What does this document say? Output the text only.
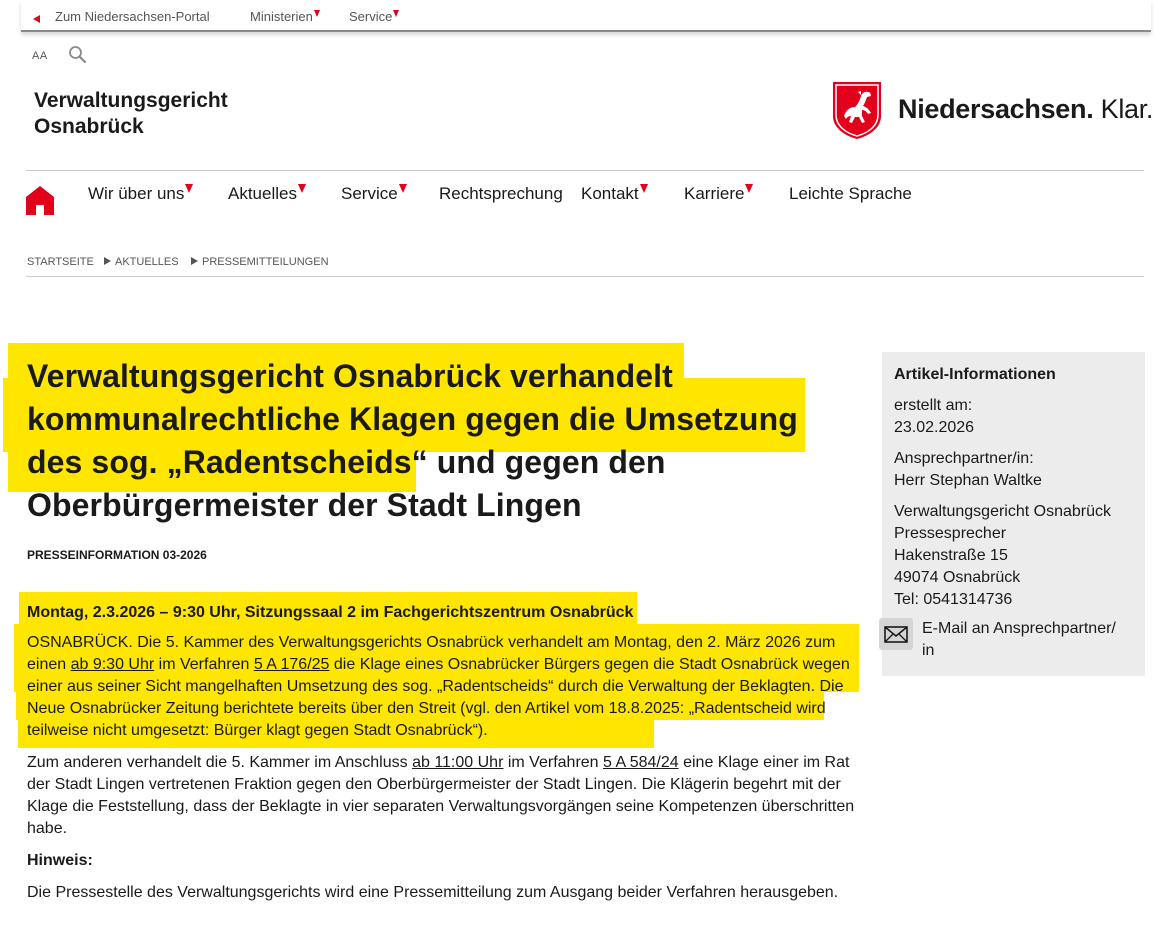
Zum Niedersachsen-Portal	Ministerien	Service
AA
Verwaltungsgericht
Osnabrück
Niedersachsen. Klar.
Wir über uns	Aktuelles	Service	Rechtsprechung Kontakt	Karriere	Leichte Sprache
STARTSEITE	AKTUELLES	PRESSEMITTEILUNGEN
Verwaltungsgericht Osnabrück verhandelt
kommunalrechtliche Klagen gegen die Umsetzung
des sog. „Radentscheids“ und gegen den
Oberbürgermeister der Stadt Lingen
PRESSEINFORMATION 03-2026

Montag, 2.3.2026 – 9:30 Uhr, Sitzungssaal 2 im Fachgerichtszentrum Osnabrück

OSNABRÜCK. Die 5. Kammer des Verwaltungsgerichts Osnabrück verhandelt am Montag, den 2. März 2026 zum einen ab 9:30 Uhr im Verfahren 5 A 176/25 die Klage eines Osnabrücker Bürgers gegen die Stadt Osnabrück wegen einer aus seiner Sicht mangelhaften Umsetzung des sog. „Radentscheids“ durch die Verwaltung der Beklagten. Die Neue Osnabrücker Zeitung berichtete bereits über den Streit (vgl. den Artikel vom 18.8.2025: „Radentscheid wird teilweise nicht umgesetzt: Bürger klagt gegen Stadt Osnabrück“).

Zum anderen verhandelt die 5. Kammer im Anschluss ab 11:00 Uhr im Verfahren 5 A 584/24 eine Klage einer im Rat der Stadt Lingen vertretenen Fraktion gegen den Oberbürgermeister der Stadt Lingen. Die Klägerin begehrt mit der Klage die Feststellung, dass der Beklagte in vier separaten Verwaltungsvorgängen seine Kompetenzen überschritten habe.

Hinweis:

Die Pressestelle des Verwaltungsgerichts wird eine Pressemitteilung zum Ausgang beider Verfahren herausgeben.

Artikel-Informationen
erstellt am:
23.02.2026
Ansprechpartner/in:
Herr Stephan Waltke
Verwaltungsgericht Osnabrück
Pressesprecher
Hakenstraße 15
49074 Osnabrück
Tel: 0541314736
E-Mail an Ansprechpartner/ in
